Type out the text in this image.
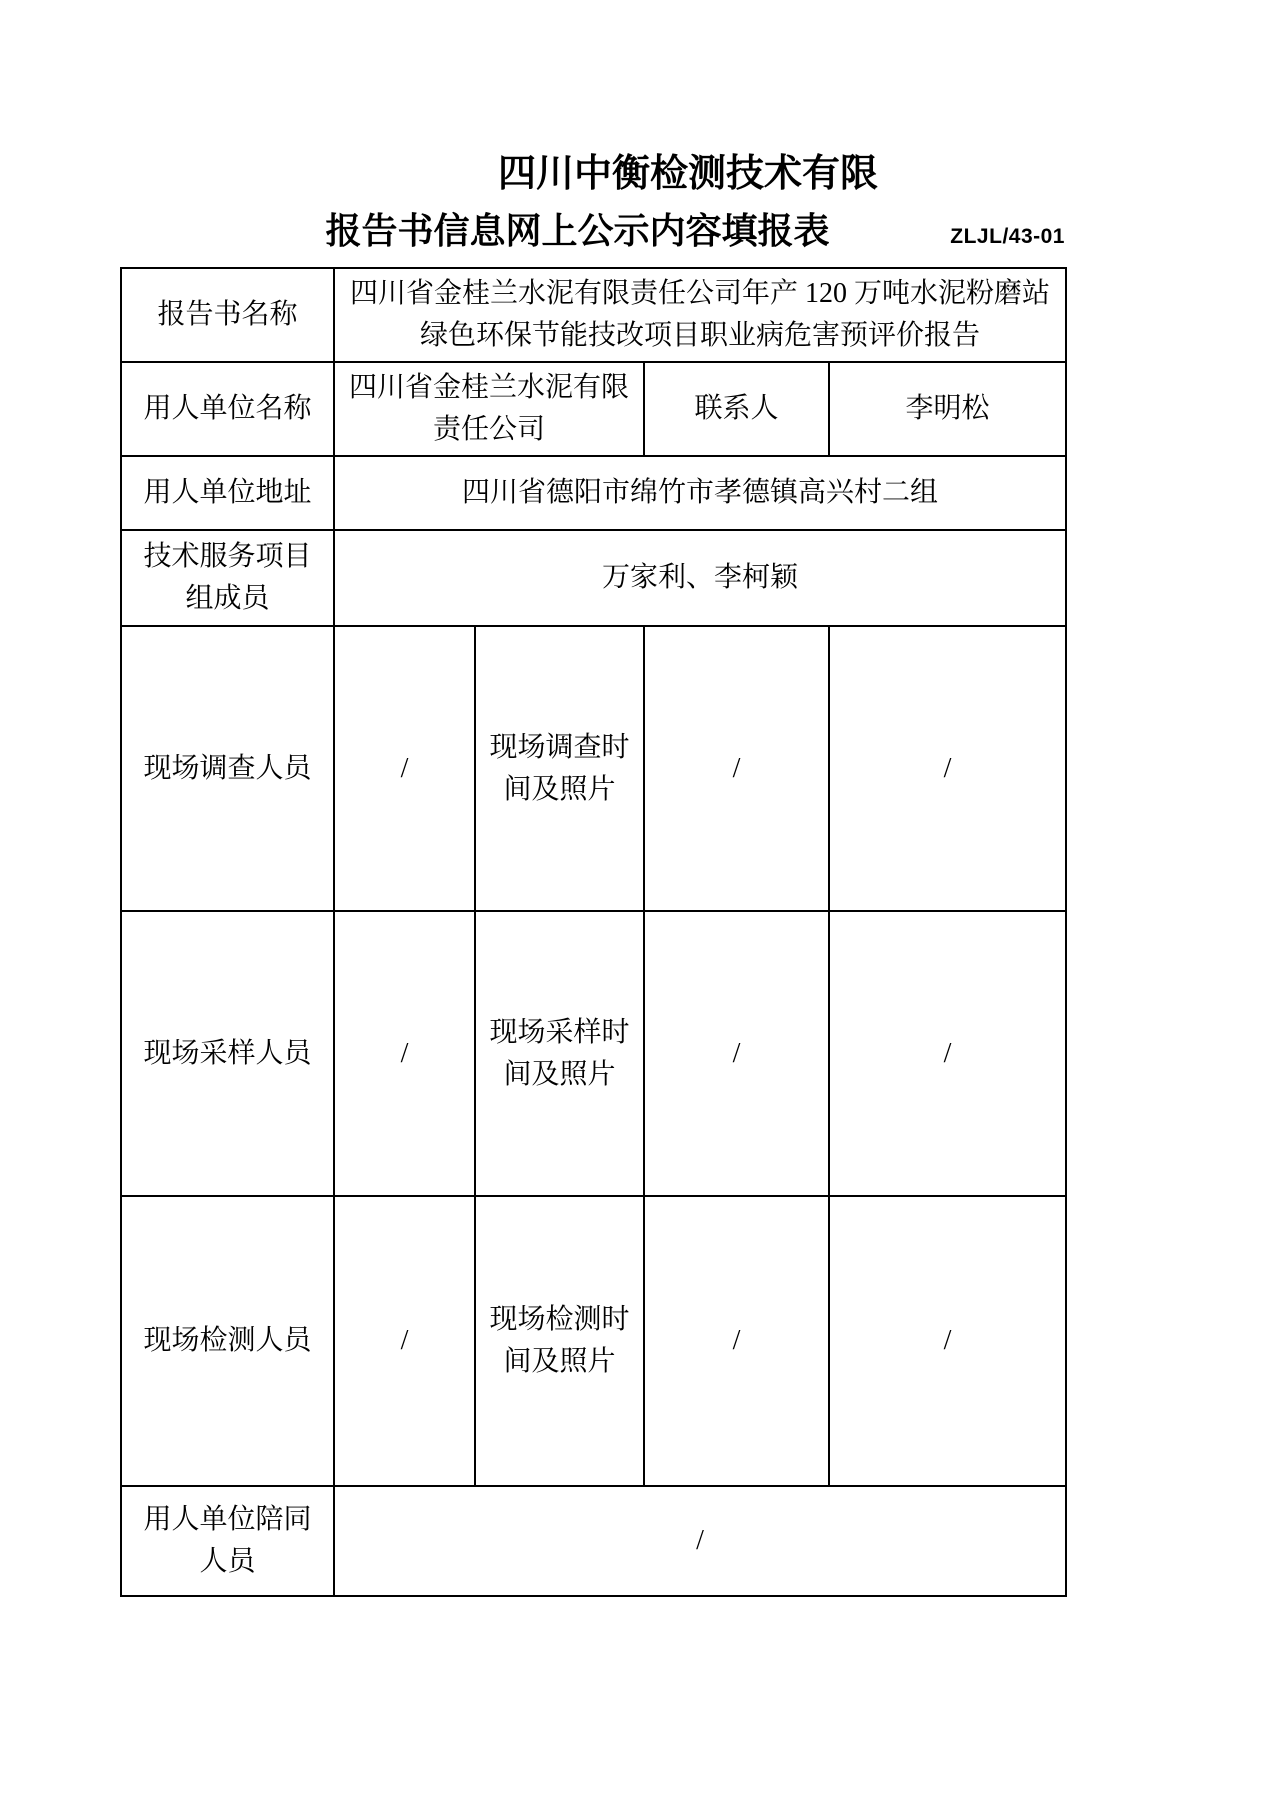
四川中衡检测技术有限
报告书信息网上公示内容填报表	ZLJL/43-01
报告书名称	四川省金桂兰水泥有限责任公司年产 120 万吨水泥粉磨站
绿色环保节能技改项目职业病危害预评价报告			

用人单位名称	四川省金桂兰水泥有限责任公司		联系人	李明松
用人单位地址	四川省德阳市绵竹市孝德镇高兴村二组			
技术服务项目组成员	万家利、李柯颖			
现场调查人员	/	现场调查时间及照片	/	/
现场采样人员	/	现场采样时间及照片	/	/
现场检测人员	/	现场检测时间及照片	/	/
用人单位陪同人员	/			
